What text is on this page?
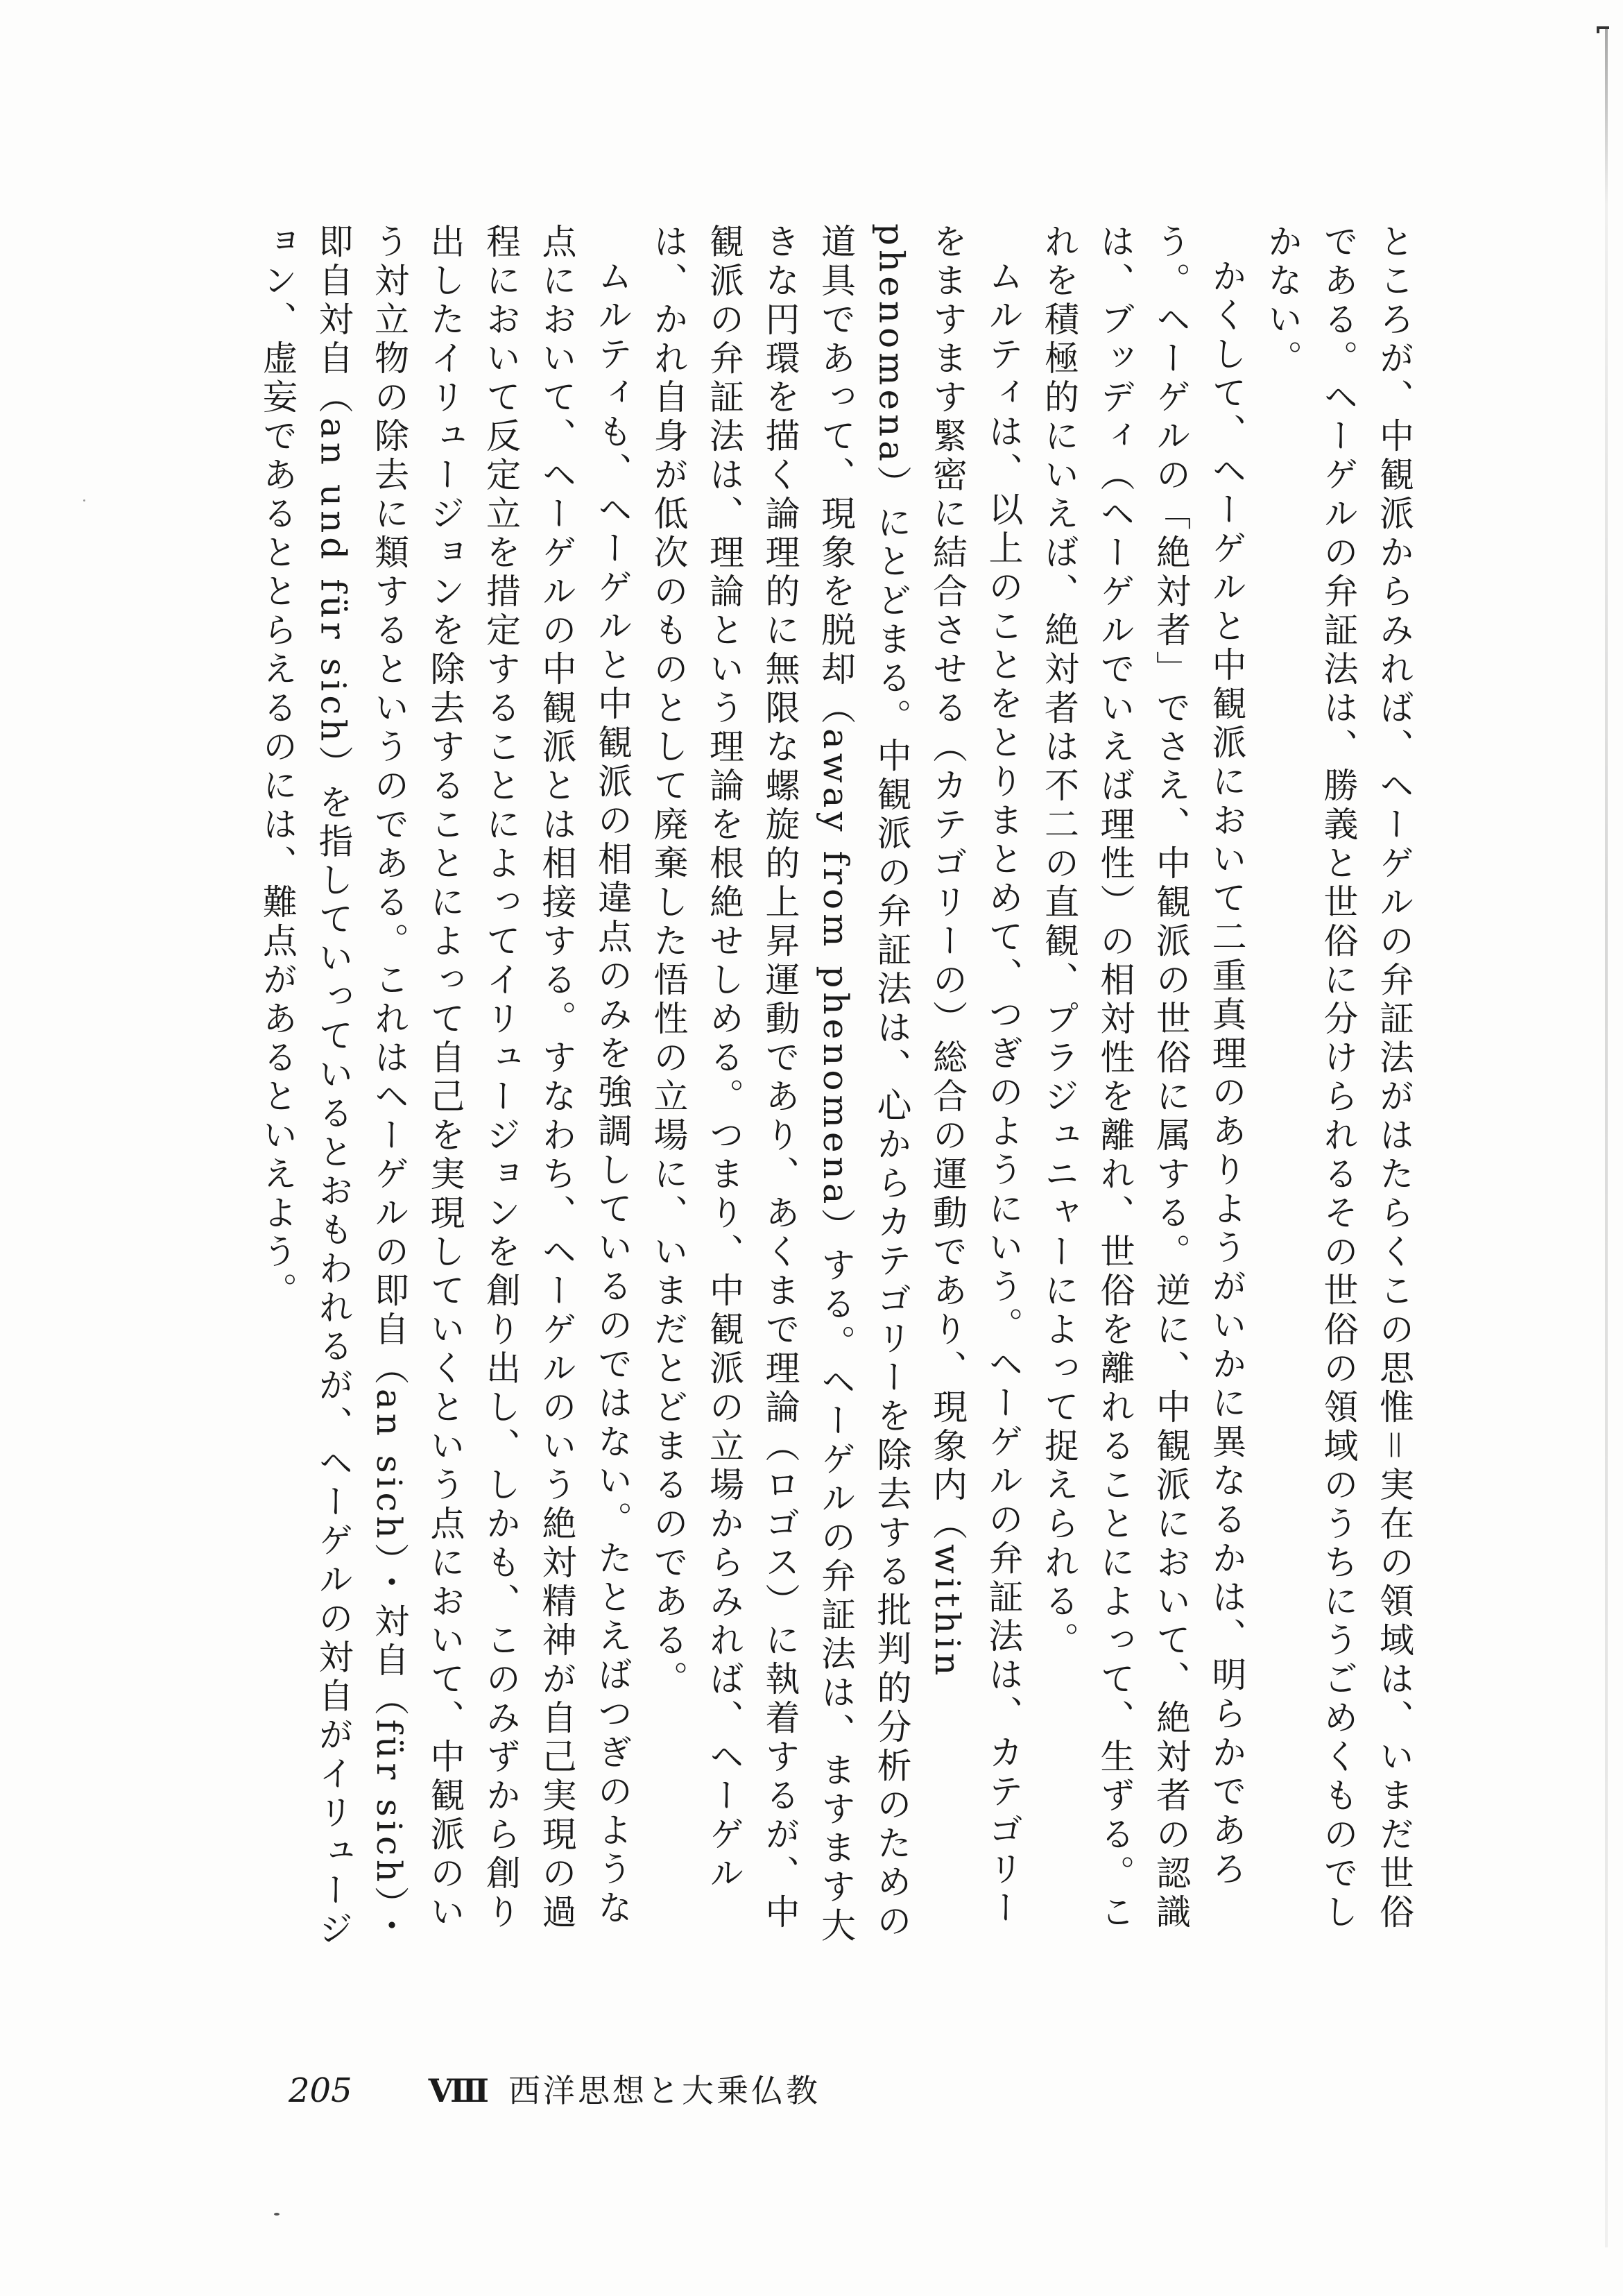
ところが、中観派からみれば、ヘーゲルの弁証法がはたらくこの思惟＝実在の領域は、いまだ世俗である。ヘーゲルの弁証法は、勝義と世俗に分けられるその世俗の領域のうちにうごめくものでしかない。

かくして、ヘーゲルと中観派において二重真理のありようがいかに異なるかは、明らかであろう。ヘーゲルの「絶対者」でさえ、中観派の世俗に属する。逆に、中観派において、絶対者の認識は、ブッディ（ヘーゲルでいえば理性）の相対性を離れ、世俗を離れることによって、生ずる。これを積極的にいえば、絶対者は不二の直観、プラジュニャーによって捉えられる。

ムルティは、以上のことをとりまとめて、つぎのようにいう。ヘーゲルの弁証法は、カテゴリーをますます緊密に結合させる（カテゴリーの）総合の運動であり、現象内（within phenomena）にとどまる。中観派の弁証法は、心からカテゴリーを除去する批判的分析のための道具であって、現象を脱却（away from phenomena）する。ヘーゲルの弁証法は、ますます大きな円環を描く論理的に無限な螺旋的上昇運動であり、あくまで理論（ロゴス）に執着するが、中観派の弁証法は、理論という理論を根絶せしめる。つまり、中観派の立場からみれば、ヘーゲルは、かれ自身が低次のものとして廃棄した悟性の立場に、いまだとどまるのである。

ムルティも、ヘーゲルと中観派の相違点のみを強調しているのではない。たとえばつぎのような点において、ヘーゲルの中観派とは相接する。すなわち、ヘーゲルのいう絶対精神が自己実現の過程において反定立を措定することによってイリュージョンを創り出し、しかも、このみずから創り出したイリュージョンを除去することによって自己を実現していくという点において、中観派のいう対立物の除去に類するというのである。これはヘーゲルの即自（an sich）・対自（für sich）・即自対自（an und für sich）を指していっているとおもわれるが、ヘーゲルの対自がイリュージョン、虚妄であるととらえるのには、難点があるといえよう。

205 Ⅷ 西洋思想と大乗仏教
